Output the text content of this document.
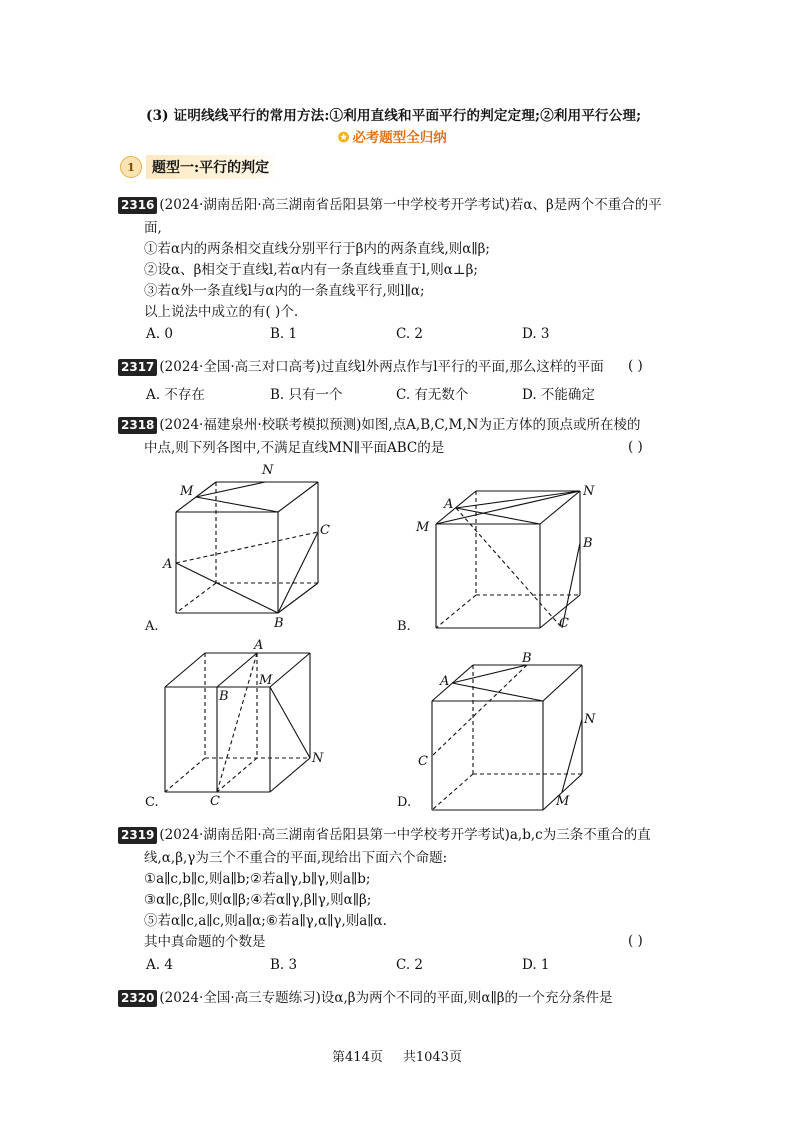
(3) 证明线线平行的常用方法:①利用直线和平面平行的判定定理;②利用平行公理;
✪ 必考题型全归纳
1	题型一:平行的判定
2316 (2024·湖南岳阳·高三湖南省岳阳县第一中学校考开学考试)若α、β是两个不重合的平
面,
①若α内的两条相交直线分别平行于β内的两条直线,则α∥β;
②设α、β相交于直线l,若α内有一条直线垂直于l,则α⊥β;
③若α外一条直线l与α内的一条直线平行,则l∥α;
以上说法中成立的有( )个.
A. 0	B. 1	C. 2	D. 3
2317 (2024·全国·高三对口高考)过直线l外两点作与l平行的平面,那么这样的平面 ( )
A. 不存在	B. 只有一个	C. 有无数个	D. 不能确定
2318 (2024·福建泉州·校联考模拟预测)如图,点A,B,C,M,N为正方体的顶点或所在棱的
中点,则下列各图中,不满足直线MN∥平面ABC的是	( )
M
N
A
C
B
A
M
N
B
C
A
B
M
N
C
A
B
N
C
M
A.	B.
C.	D.
2319 (2024·湖南岳阳·高三湖南省岳阳县第一中学校考开学考试)a,b,c为三条不重合的直
线,α,β,γ为三个不重合的平面,现给出下面六个命题:
①a∥c,b∥c,则a∥b;②若a∥γ,b∥γ,则a∥b;
③α∥c,β∥c,则α∥β;④若α∥γ,β∥γ,则α∥β;
⑤若α∥c,a∥c,则a∥α;⑥若a∥γ,α∥γ,则a∥α.
其中真命题的个数是	( )
A. 4	B. 3	C. 2	D. 1
2320 (2024·全国·高三专题练习)设α,β为两个不同的平面,则α∥β的一个充分条件是
第414页 共1043页
